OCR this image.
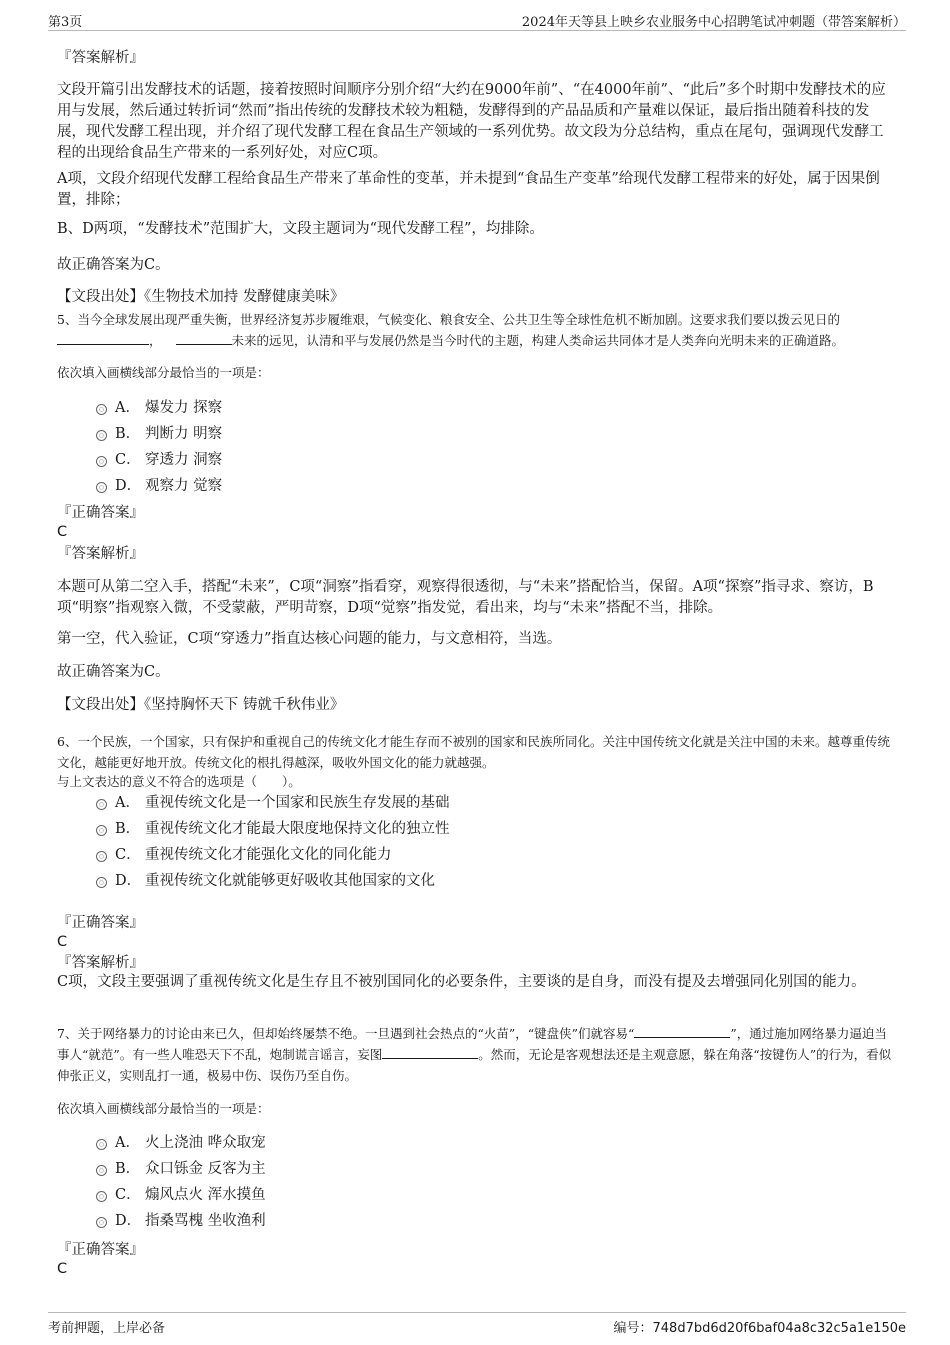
第3页	2024年天等县上映乡农业服务中心招聘笔试冲刺题（带答案解析）
『答案解析』
文段开篇引出发酵技术的话题，接着按照时间顺序分别介绍“大约在9000年前”、“在4000年前”、“此后”多个时期中发酵技术的应用与发展，然后通过转折词“然而”指出传统的发酵技术较为粗糙，发酵得到的产品品质和产量难以保证，最后指出随着科技的发展，现代发酵工程出现，并介绍了现代发酵工程在食品生产领域的一系列优势。故文段为分总结构，重点在尾句，强调现代发酵工程的出现给食品生产带来的一系列好处，对应C项。
A项，文段介绍现代发酵工程给食品生产带来了革命性的变革，并未提到“食品生产变革”给现代发酵工程带来的好处，属于因果倒置，排除；
B、D两项，“发酵技术”范围扩大，文段主题词为“现代发酵工程”，均排除。
故正确答案为C。
【文段出处】《生物技术加持 发酵健康美味》
5、当今全球发展出现严重失衡，世界经济复苏步履维艰，气候变化、粮食安全、公共卫生等全球性危机不断加剧。这要求我们要以拨云见日的
，	未来的远见，认清和平与发展仍然是当今时代的主题，构建人类命运共同体才是人类奔向光明未来的正确道路。
依次填入画横线部分最恰当的一项是：
A． 爆发力 探察
B． 判断力 明察
C． 穿透力 洞察
D． 观察力 觉察
『正确答案』
C
『答案解析』
本题可从第二空入手，搭配“未来”，C项“洞察”指看穿，观察得很透彻，与“未来”搭配恰当，保留。A项“探察”指寻求、察访，B项“明察”指观察入微，不受蒙蔽，严明苛察，D项“觉察”指发觉，看出来，均与“未来”搭配不当，排除。
第一空，代入验证，C项“穿透力”指直达核心问题的能力，与文意相符，当选。
故正确答案为C。
【文段出处】《坚持胸怀天下 铸就千秋伟业》
6、一个民族，一个国家，只有保护和重视自己的传统文化才能生存而不被别的国家和民族所同化。关注中国传统文化就是关注中国的未来。越尊重传统文化，越能更好地开放。传统文化的根扎得越深，吸收外国文化的能力就越强。
与上文表达的意义不符合的选项是（　　）。
A． 重视传统文化是一个国家和民族生存发展的基础
B． 重视传统文化才能最大限度地保持文化的独立性
C． 重视传统文化才能强化文化的同化能力
D． 重视传统文化就能够更好吸收其他国家的文化
『正确答案』
C
『答案解析』
C项，文段主要强调了重视传统文化是生存且不被别国同化的必要条件，主要谈的是自身，而没有提及去增强同化别国的能力。
7、关于网络暴力的讨论由来已久，但却始终屡禁不绝。一旦遇到社会热点的“火苗”，“键盘侠”们就容易“	”，通过施加网络暴力逼迫当事人“就范”。有一些人唯恐天下不乱，炮制谎言谣言，妄图	。然而，无论是客观想法还是主观意愿，躲在角落“按键伤人”的行为，看似伸张正义，实则乱打一通，极易中伤、误伤乃至自伤。
依次填入画横线部分最恰当的一项是：
A． 火上浇油 哗众取宠
B． 众口铄金 反客为主
C． 煽风点火 浑水摸鱼
D． 指桑骂槐 坐收渔利
『正确答案』
C
考前押题，上岸必备	编号：748d7bd6d20f6baf04a8c32c5a1e150e
